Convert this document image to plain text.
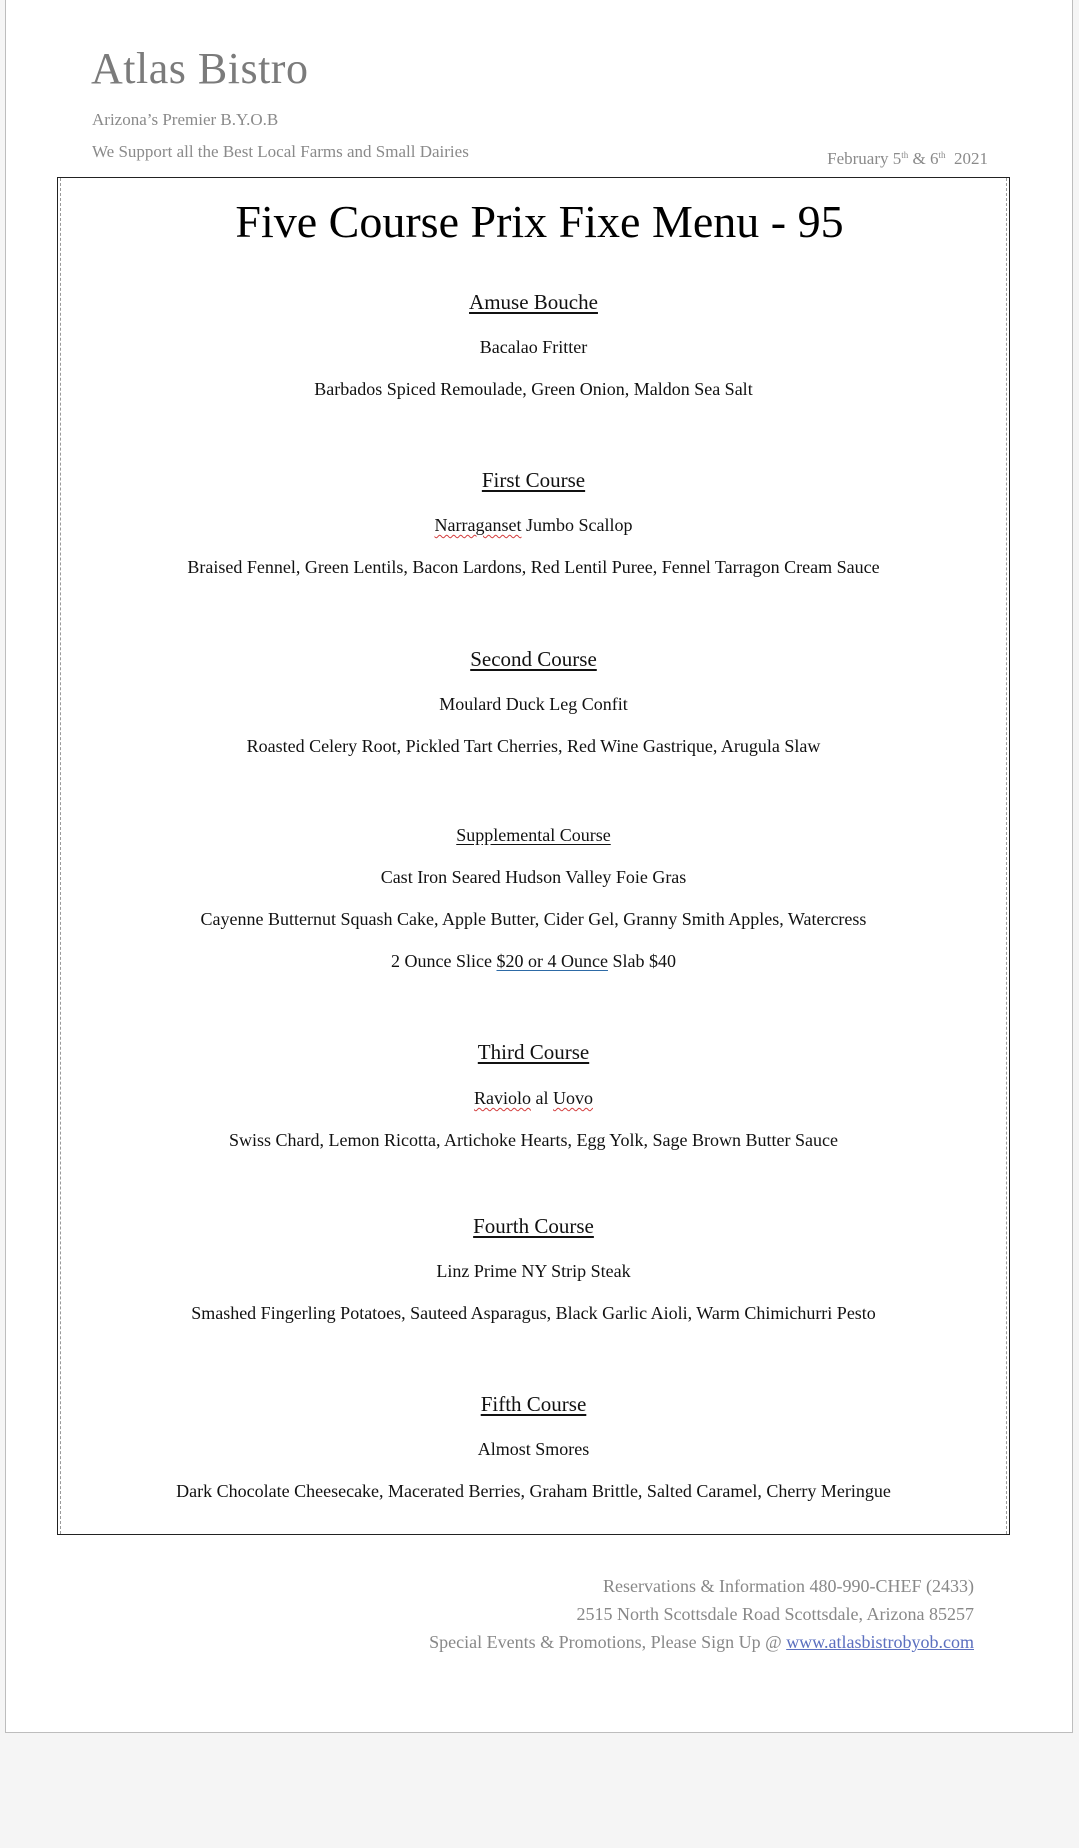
Atlas Bistro
Arizona’s Premier B.Y.O.B
We Support all the Best Local Farms and Small Dairies	February 5th & 6th  2021
Five Course Prix Fixe Menu - 95
Amuse Bouche
Bacalao Fritter
Barbados Spiced Remoulade, Green Onion, Maldon Sea Salt
First Course
Narraganset Jumbo Scallop
Braised Fennel, Green Lentils, Bacon Lardons, Red Lentil Puree, Fennel Tarragon Cream Sauce
Second Course
Moulard Duck Leg Confit
Roasted Celery Root, Pickled Tart Cherries, Red Wine Gastrique, Arugula Slaw
Supplemental Course
Cast Iron Seared Hudson Valley Foie Gras
Cayenne Butternut Squash Cake, Apple Butter, Cider Gel, Granny Smith Apples, Watercress
2 Ounce Slice $20 or 4 Ounce Slab $40
Third Course
Raviolo al Uovo
Swiss Chard, Lemon Ricotta, Artichoke Hearts, Egg Yolk, Sage Brown Butter Sauce
Fourth Course
Linz Prime NY Strip Steak
Smashed Fingerling Potatoes, Sauteed Asparagus, Black Garlic Aioli, Warm Chimichurri Pesto
Fifth Course
Almost Smores
Dark Chocolate Cheesecake, Macerated Berries, Graham Brittle, Salted Caramel, Cherry Meringue
Reservations & Information 480-990-CHEF (2433)
2515 North Scottsdale Road Scottsdale, Arizona 85257
Special Events & Promotions, Please Sign Up @ www.atlasbistrobyob.com
